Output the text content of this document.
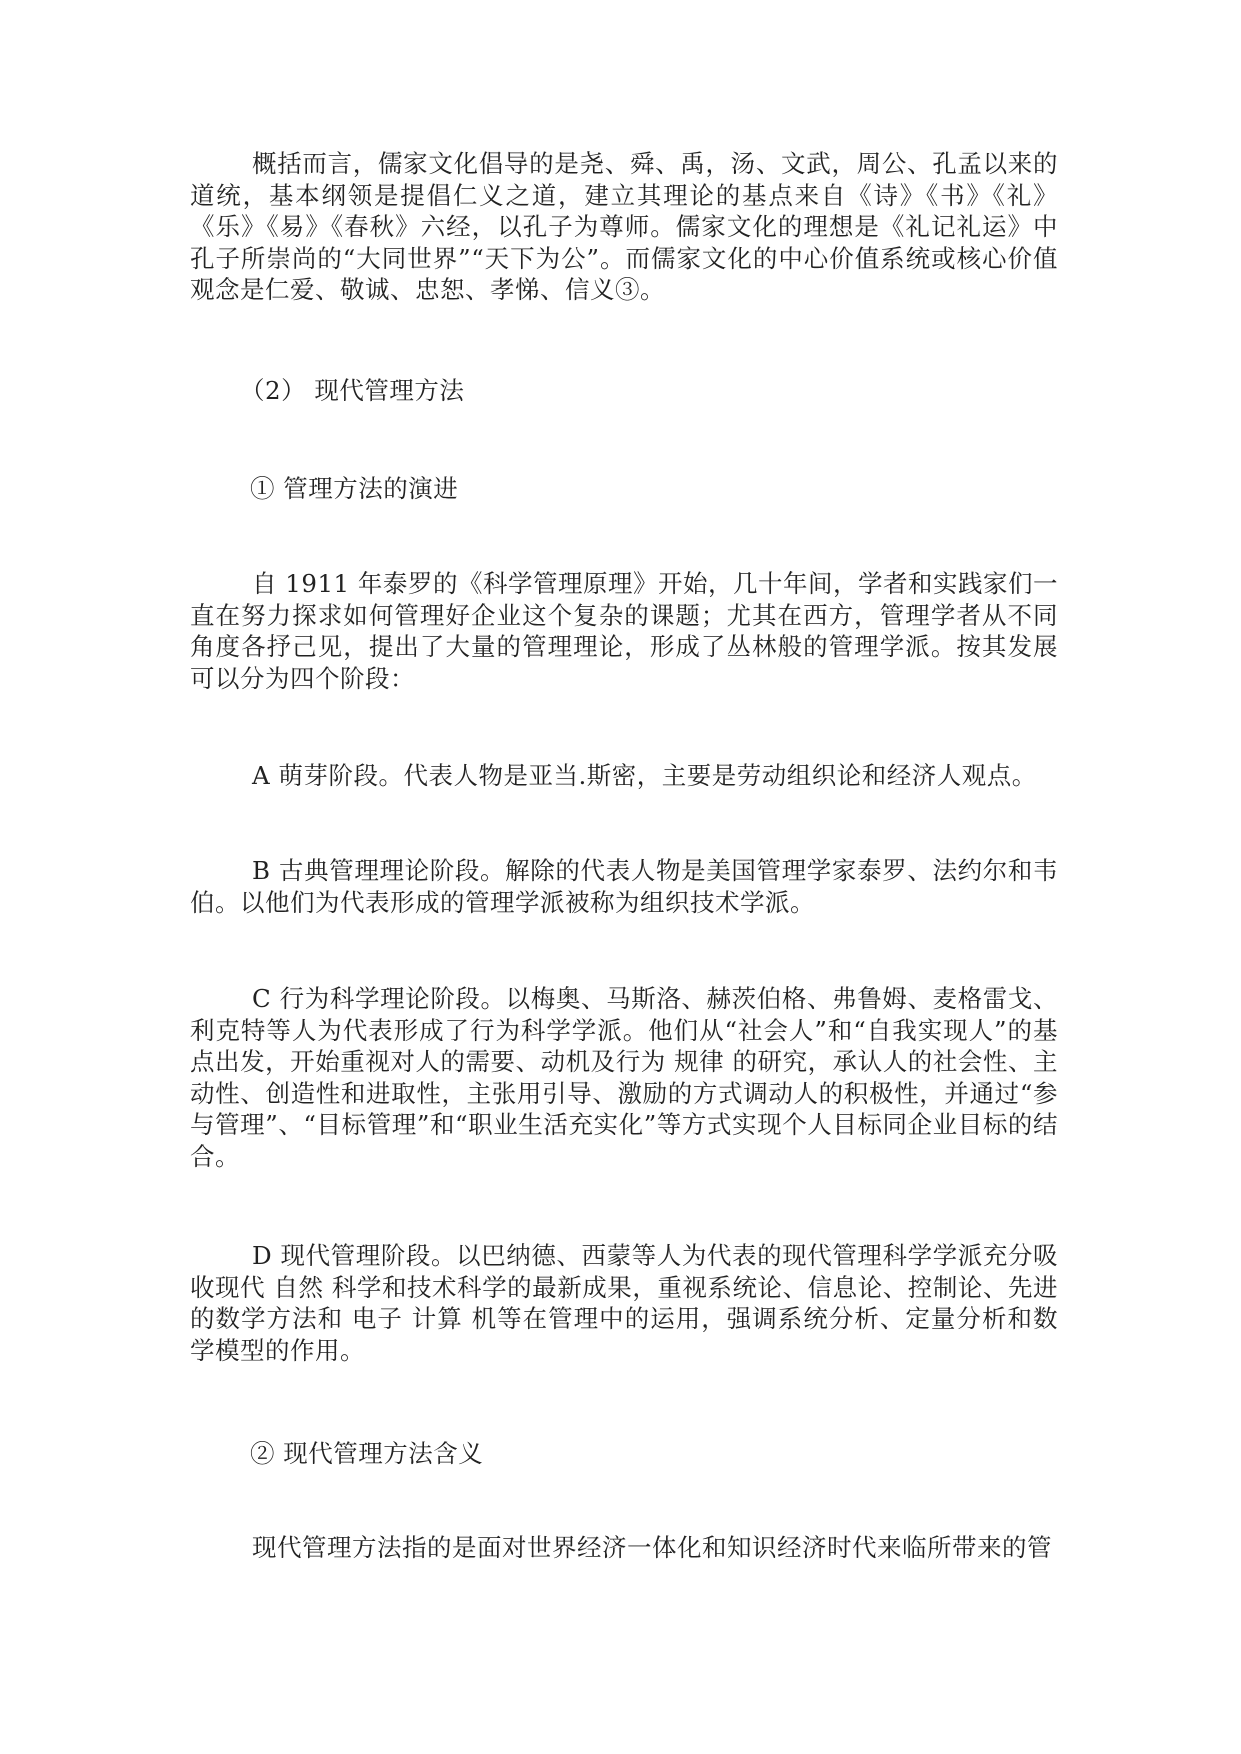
概括而言，儒家文化倡导的是尧、舜、禹，汤、文武，周公、孔孟以来的道统，基本纲领是提倡仁义之道，建立其理论的基点来自《诗》《书》《礼》《乐》《易》《春秋》六经，以孔子为尊师。儒家文化的理想是《礼记礼运》中孔子所崇尚的“大同世界”“天下为公”。而儒家文化的中心价值系统或核心价值观念是仁爱、敬诚、忠恕、孝悌、信义③。

（2） 现代管理方法

① 管理方法的演进

自 1911 年泰罗的《科学管理原理》开始，几十年间，学者和实践家们一直在努力探求如何管理好企业这个复杂的课题；尤其在西方，管理学者从不同角度各抒己见，提出了大量的管理理论，形成了丛林般的管理学派。按其发展可以分为四个阶段：

A 萌芽阶段。代表人物是亚当.斯密，主要是劳动组织论和经济人观点。

B 古典管理理论阶段。解除的代表人物是美国管理学家泰罗、法约尔和韦伯。以他们为代表形成的管理学派被称为组织技术学派。

C 行为科学理论阶段。以梅奥、马斯洛、赫茨伯格、弗鲁姆、麦格雷戈、利克特等人为代表形成了行为科学学派。他们从“社会人”和“自我实现人”的基点出发，开始重视对人的需要、动机及行为 规律 的研究，承认人的社会性、主动性、创造性和进取性，主张用引导、激励的方式调动人的积极性，并通过“参与管理”、“目标管理”和“职业生活充实化”等方式实现个人目标同企业目标的结合。

D 现代管理阶段。以巴纳德、西蒙等人为代表的现代管理科学学派充分吸收现代 自然 科学和技术科学的最新成果，重视系统论、信息论、控制论、先进的数学方法和 电子 计算 机等在管理中的运用，强调系统分析、定量分析和数学模型的作用。

② 现代管理方法含义

现代管理方法指的是面对世界经济一体化和知识经济时代来临所带来的管
